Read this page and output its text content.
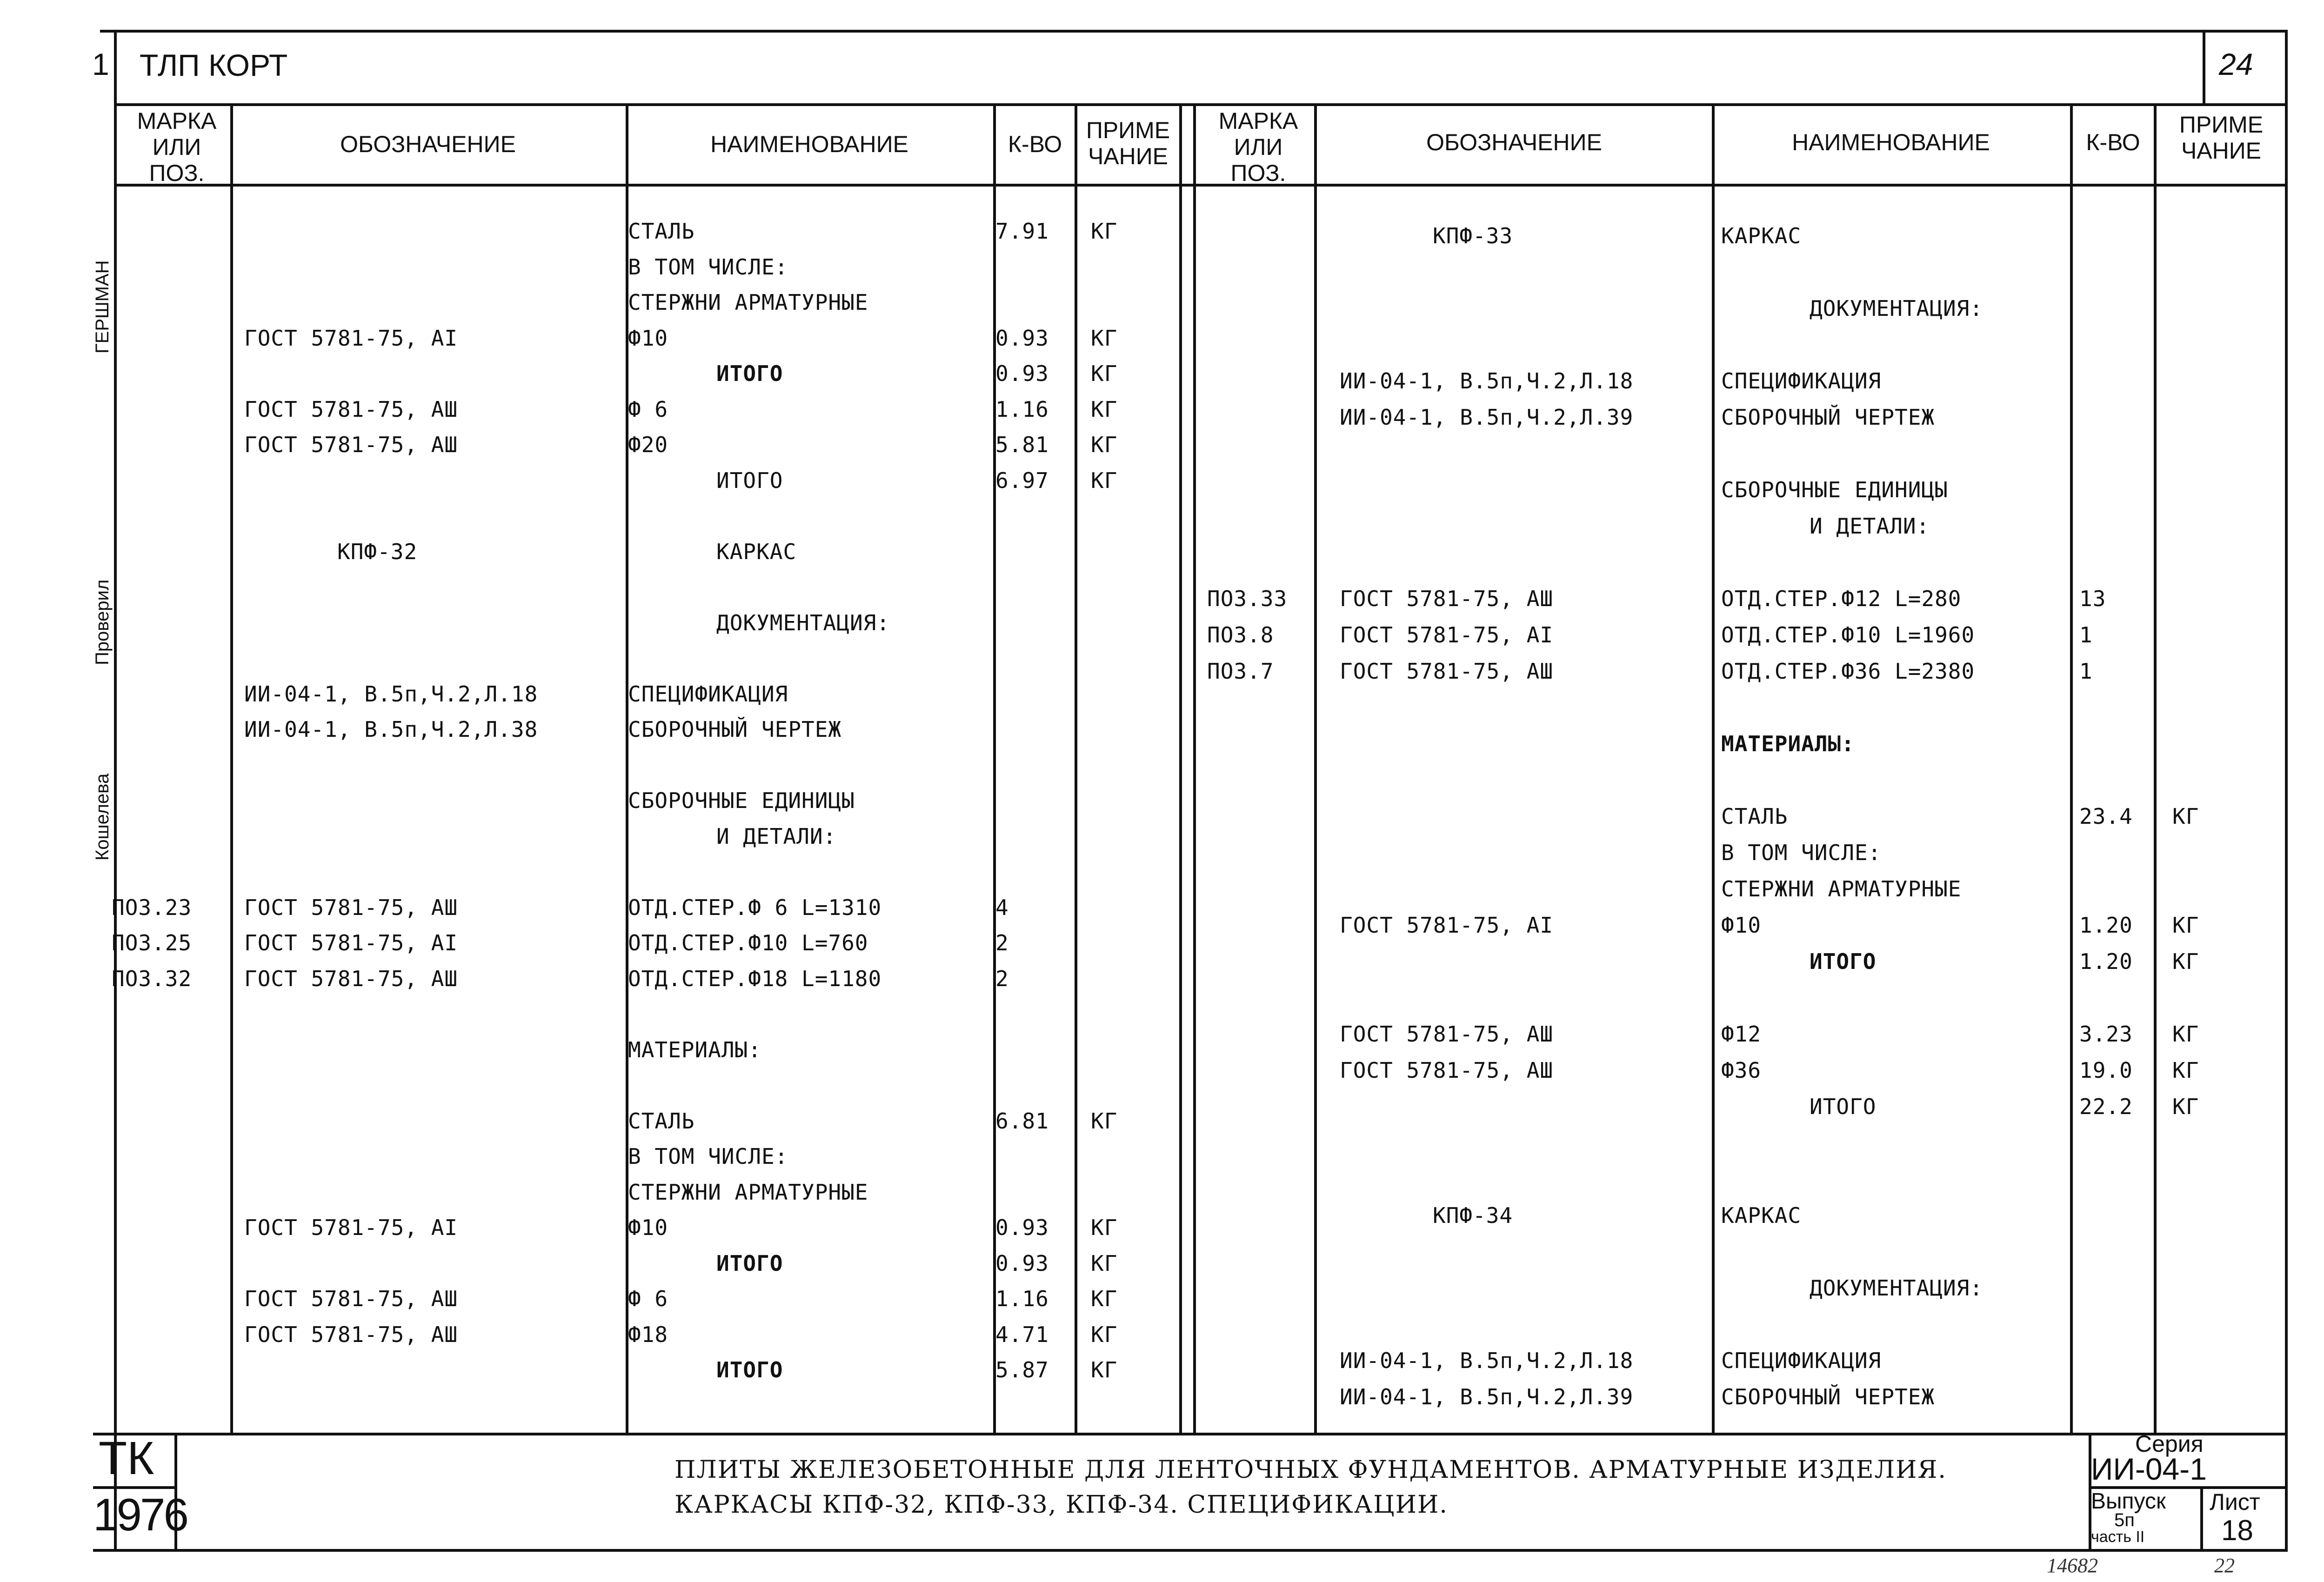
1 ТЛП КОРТ	24
МАРКА ИЛИ ПОЗ.
ОБОЗНАЧЕНИЕ	НАИМЕНОВАНИЕ	К-ВО
ПРИМЕ ЧАНИЕ
МАРКА ИЛИ ПОЗ.
ОБОЗНАЧЕНИЕ	НАИМЕНОВАНИЕ	К-ВО
ПРИМЕ ЧАНИЕ
ГЕРШМАН
Проверил
Кошелева
СТАЛЬ	7.91 КГ
В ТОМ ЧИСЛЕ:
СТЕРЖНИ АРМАТУРНЫЕ
ГОСТ 5781-75, АI	Ф10	0.93 КГ
ИТОГО	0.93 КГ
ГОСТ 5781-75, АШ	Ф 6	1.16 КГ
ГОСТ 5781-75, АШ	Ф20	5.81 КГ
ИТОГО	6.97 КГ
КПФ-32	КАРКАС
ДОКУМЕНТАЦИЯ:
ИИ-04-1, В.5п,Ч.2,Л.18	СПЕЦИФИКАЦИЯ
ИИ-04-1, В.5п,Ч.2,Л.38	СБОРОЧНЫЙ ЧЕРТЕЖ
СБОРОЧНЫЕ ЕДИНИЦЫ
И ДЕТАЛИ:
ПОЗ.23 ГОСТ 5781-75, АШ	ОТД.СТЕР.Ф 6 L=1310	4
ПОЗ.25 ГОСТ 5781-75, АI	ОТД.СТЕР.Ф10 L=760	2
ПОЗ.32 ГОСТ 5781-75, АШ	ОТД.СТЕР.Ф18 L=1180	2
МАТЕРИАЛЫ:
СТАЛЬ	6.81 КГ
В ТОМ ЧИСЛЕ:
СТЕРЖНИ АРМАТУРНЫЕ
ГОСТ 5781-75, АI	Ф10	0.93 КГ
ИТОГО	0.93 КГ
ГОСТ 5781-75, АШ	Ф 6	1.16 КГ
ГОСТ 5781-75, АШ	Ф18	4.71 КГ
ИТОГО	5.87 КГ
КПФ-33	КАРКАС
ДОКУМЕНТАЦИЯ:
ИИ-04-1, В.5п,Ч.2,Л.18	СПЕЦИФИКАЦИЯ
ИИ-04-1, В.5п,Ч.2,Л.39	СБОРОЧНЫЙ ЧЕРТЕЖ
СБОРОЧНЫЕ ЕДИНИЦЫ
И ДЕТАЛИ:
ПОЗ.33 ГОСТ 5781-75, АШ	ОТД.СТЕР.Ф12 L=280	13
ПОЗ.8	ГОСТ 5781-75, АI	ОТД.СТЕР.Ф10 L=1960	1
ПОЗ.7	ГОСТ 5781-75, АШ	ОТД.СТЕР.Ф36 L=2380	1
МАТЕРИАЛЫ:
СТАЛЬ	23.4 КГ
В ТОМ ЧИСЛЕ:
СТЕРЖНИ АРМАТУРНЫЕ
ГОСТ 5781-75, АI	Ф10	1.20 КГ
ИТОГО	1.20 КГ
ГОСТ 5781-75, АШ	Ф12	3.23 КГ
ГОСТ 5781-75, АШ	Ф36	19.0 КГ
ИТОГО	22.2 КГ
КПФ-34	КАРКАС
ДОКУМЕНТАЦИЯ:
ИИ-04-1, В.5п,Ч.2,Л.18	СПЕЦИФИКАЦИЯ
ИИ-04-1, В.5п,Ч.2,Л.39	СБОРОЧНЫЙ ЧЕРТЕЖ
ТК
1976
ПЛИТЫ ЖЕЛЕЗОБЕТОННЫЕ ДЛЯ ЛЕНТОЧНЫХ ФУНДАМЕНТОВ. АРМАТУРНЫЕ ИЗДЕЛИЯ.
КАРКАСЫ КПФ-32, КПФ-33, КПФ-34. СПЕЦИФИКАЦИИ.
Серия
ИИ-04-1
Выпуск
5п
часть II
Лист
18
14682	22
